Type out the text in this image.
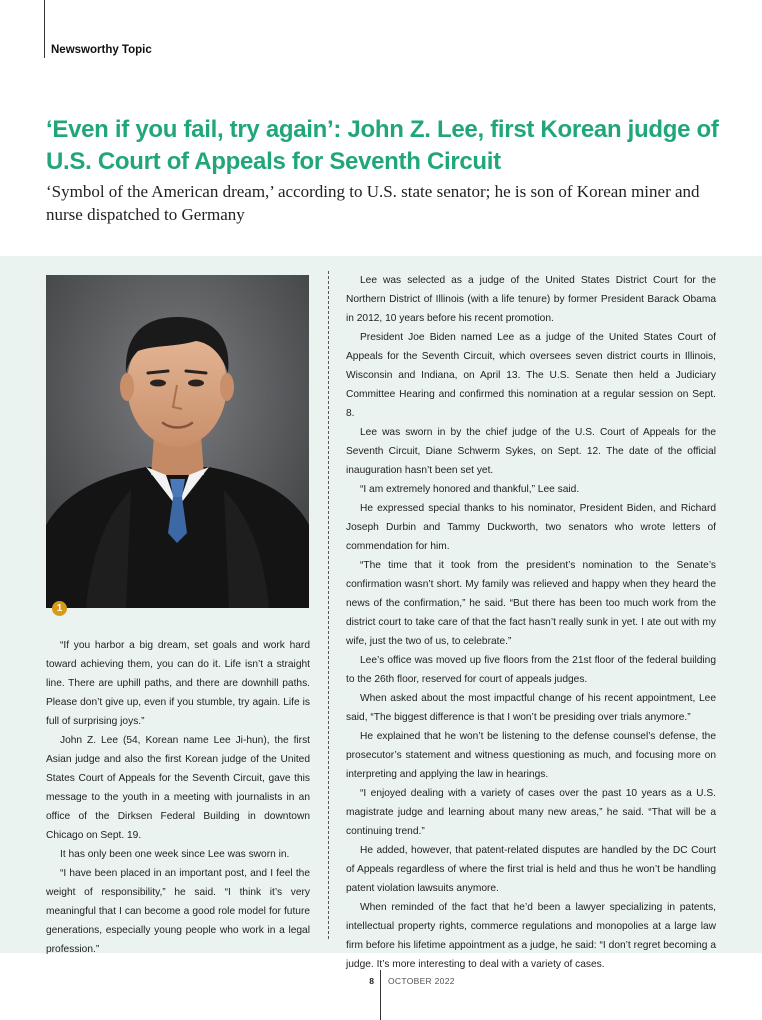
Newsworthy Topic
‘Even if you fail, try again’: John Z. Lee, first Korean judge of U.S. Court of Appeals for Seventh Circuit
‘Symbol of the American dream,’ according to U.S. state senator; he is son of Korean miner and nurse dispatched to Germany
1

“If you harbor a big dream, set goals and work hard toward achieving them, you can do it. Life isn’t a straight line. There are uphill paths, and there are downhill paths. Please don’t give up, even if you stumble, try again. Life is full of surprising joys.”

John Z. Lee (54, Korean name Lee Ji-hun), the first Asian judge and also the first Korean judge of the United States Court of Appeals for the Seventh Circuit, gave this message to the youth in a meeting with journalists in an office of the Dirksen Federal Building in downtown Chicago on Sept. 19.

It has only been one week since Lee was sworn in.

“I have been placed in an important post, and I feel the weight of responsibility,” he said. “I think it’s very meaningful that I can become a good role model for future generations, especially young people who work in a legal profession.”

Lee was selected as a judge of the United States District Court for the Northern District of Illinois (with a life tenure) by former President Barack Obama in 2012, 10 years before his recent promotion.

President Joe Biden named Lee as a judge of the United States Court of Appeals for the Seventh Circuit, which oversees seven district courts in Illinois, Wisconsin and Indiana, on April 13. The U.S. Senate then held a Judiciary Committee Hearing and confirmed this nomination at a regular session on Sept. 8.

Lee was sworn in by the chief judge of the U.S. Court of Appeals for the Seventh Circuit, Diane Schwerm Sykes, on Sept. 12. The date of the official inauguration hasn’t been set yet.

“I am extremely honored and thankful,” Lee said.

He expressed special thanks to his nominator, President Biden, and Richard Joseph Durbin and Tammy Duckworth, two senators who wrote letters of commendation for him.

“The time that it took from the president’s nomination to the Senate’s confirmation wasn’t short. My family was relieved and happy when they heard the news of the confirmation,” he said. “But there has been too much work from the district court to take care of that the fact hasn’t really sunk in yet. I ate out with my wife, just the two of us, to celebrate.”

Lee’s office was moved up five floors from the 21st floor of the federal building to the 26th floor, reserved for court of appeals judges.

When asked about the most impactful change of his recent appointment, Lee said, “The biggest difference is that I won’t be presiding over trials anymore.”

He explained that he won’t be listening to the defense counsel’s defense, the prosecutor’s statement and witness questioning as much, and focusing more on interpreting and applying the law in hearings.

“I enjoyed dealing with a variety of cases over the past 10 years as a U.S. magistrate judge and learning about many new areas,” he said. “That will be a continuing trend.”

He added, however, that patent-related disputes are handled by the DC Court of Appeals regardless of where the first trial is held and thus he won’t be handling patent violation lawsuits anymore.

When reminded of the fact that he’d been a lawyer specializing in patents, intellectual property rights, commerce regulations and monopolies at a large law firm before his lifetime appointment as a judge, he said: “I don’t regret becoming a judge. It’s more interesting to deal with a variety of cases.

8 OCTOBER 2022
